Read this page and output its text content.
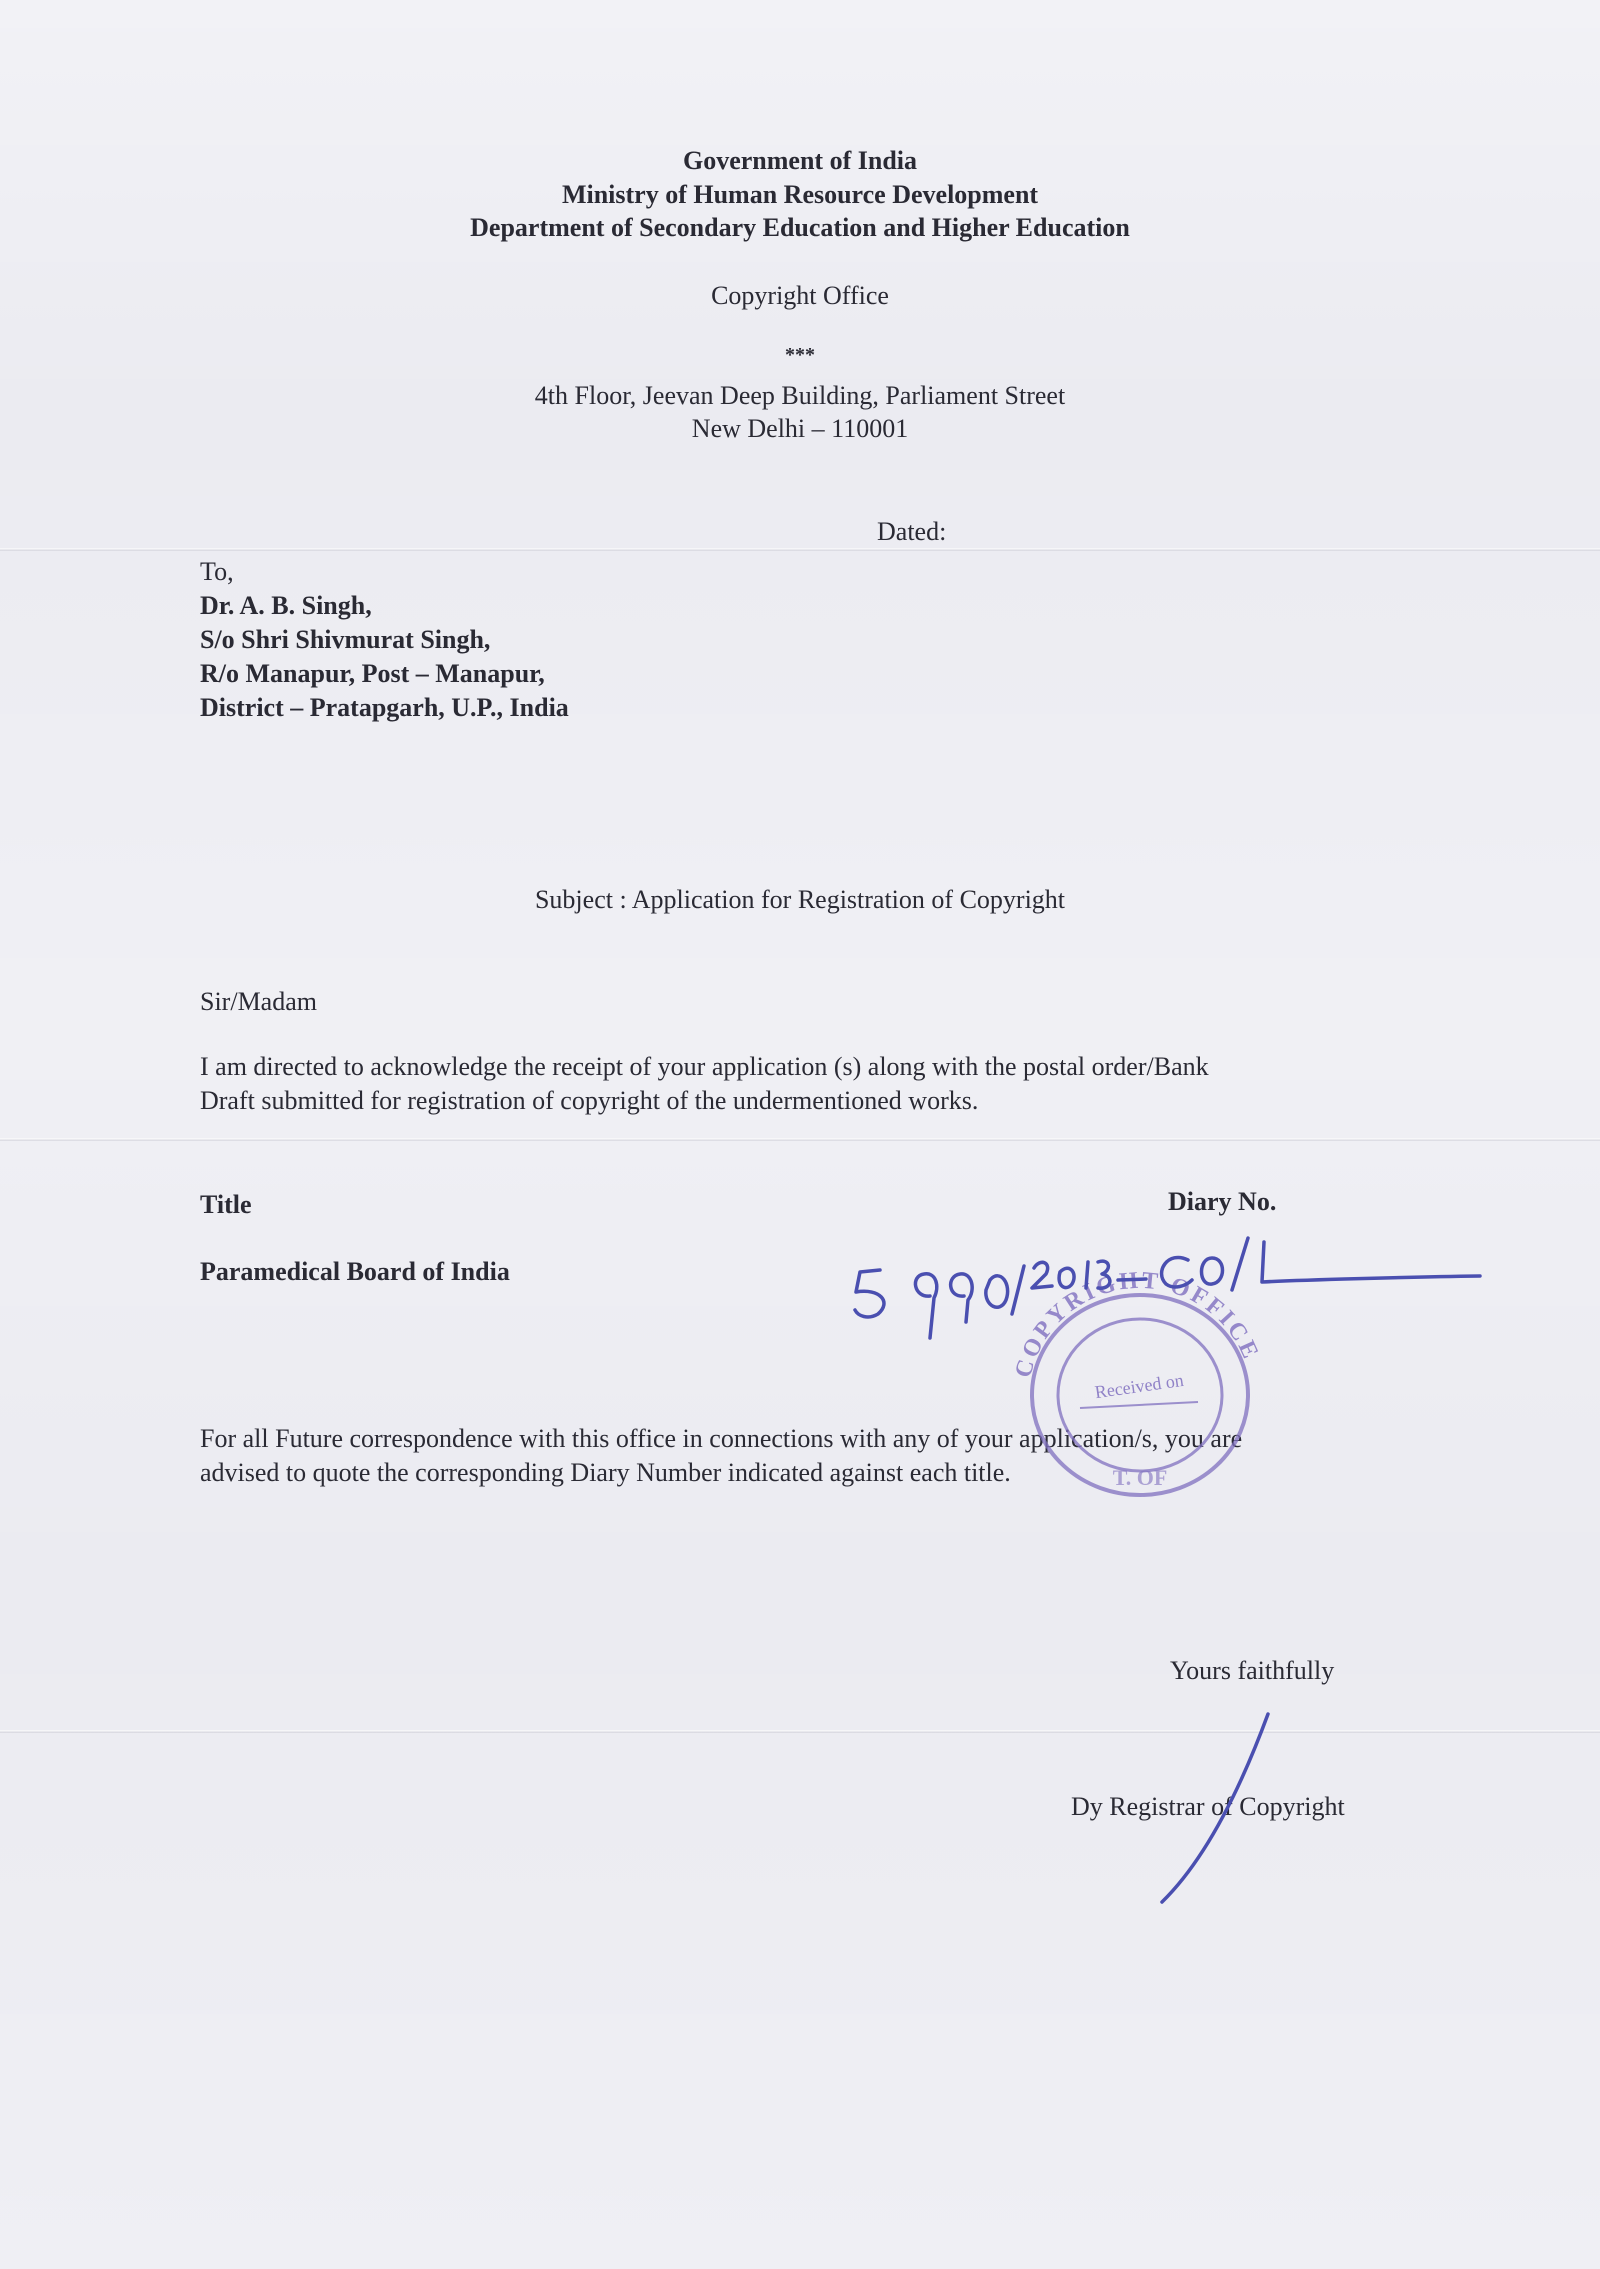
Government of India
Ministry of Human Resource Development
Department of Secondary Education and Higher Education
Copyright Office
***
4th Floor, Jeevan Deep Building, Parliament Street
New Delhi – 110001
Dated:
To,
Dr. A. B. Singh,
S/o Shri Shivmurat Singh,
R/o Manapur, Post – Manapur,
District – Pratapgarh, U.P., India
Subject : Application for Registration of Copyright
Sir/Madam
I am directed to acknowledge the receipt of your application (s) along with the postal order/Bank
Draft submitted for registration of copyright of the undermentioned works.
Title	Diary No.
Paramedical Board of India
For all Future correspondence with this office in connections with any of your application/s, you are
advised to quote the corresponding Diary Number indicated against each title.
Yours faithfully
Dy Registrar of Copyright
COPYRIGHT OFFICE
Received on
T. OF
